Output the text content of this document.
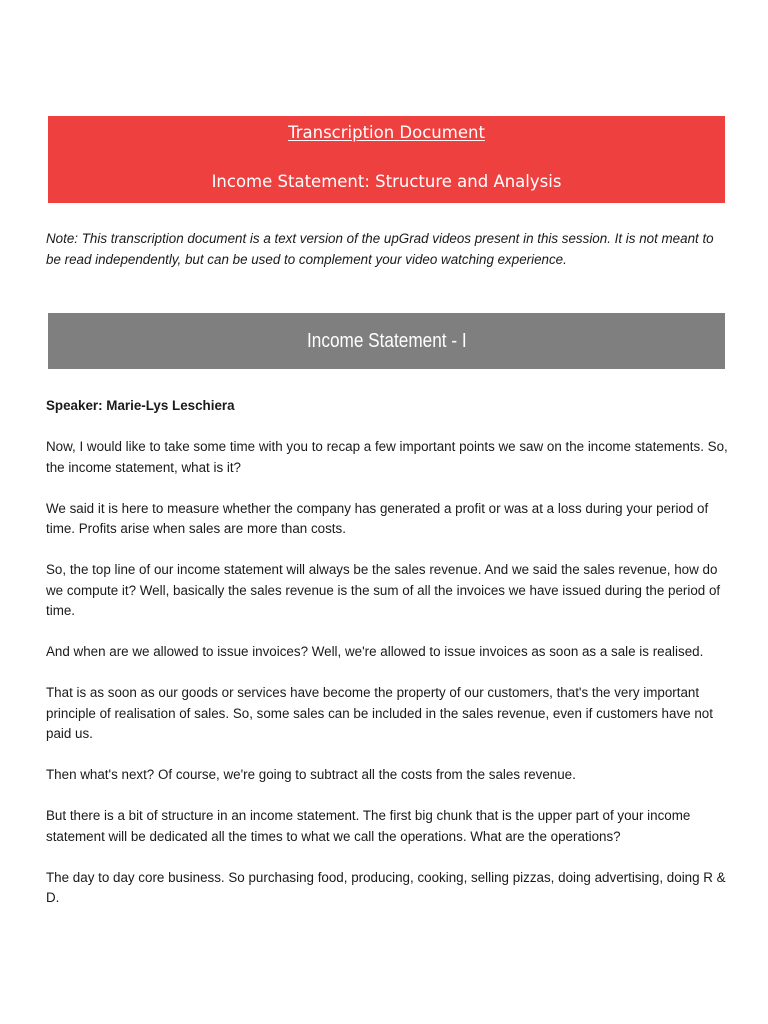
Transcription Document
Income Statement: Structure and Analysis
Note: This transcription document is a text version of the upGrad videos present in this session. It is not meant to be read independently, but can be used to complement your video watching experience.
Income Statement - I
Speaker: Marie-Lys Leschiera

Now, I would like to take some time with you to recap a few important points we saw on the income statements. So, the income statement, what is it?

We said it is here to measure whether the company has generated a profit or was at a loss during your period of time. Profits arise when sales are more than costs.

So, the top line of our income statement will always be the sales revenue. And we said the sales revenue, how do we compute it? Well, basically the sales revenue is the sum of all the invoices we have issued during the period of time.

And when are we allowed to issue invoices? Well, we're allowed to issue invoices as soon as a sale is realised.

That is as soon as our goods or services have become the property of our customers, that's the very important principle of realisation of sales. So, some sales can be included in the sales revenue, even if customers have not paid us.

Then what's next? Of course, we're going to subtract all the costs from the sales revenue.

But there is a bit of structure in an income statement. The first big chunk that is the upper part of your income statement will be dedicated all the times to what we call the operations. What are the operations?

The day to day core business. So purchasing food, producing, cooking, selling pizzas, doing advertising, doing R & D.
